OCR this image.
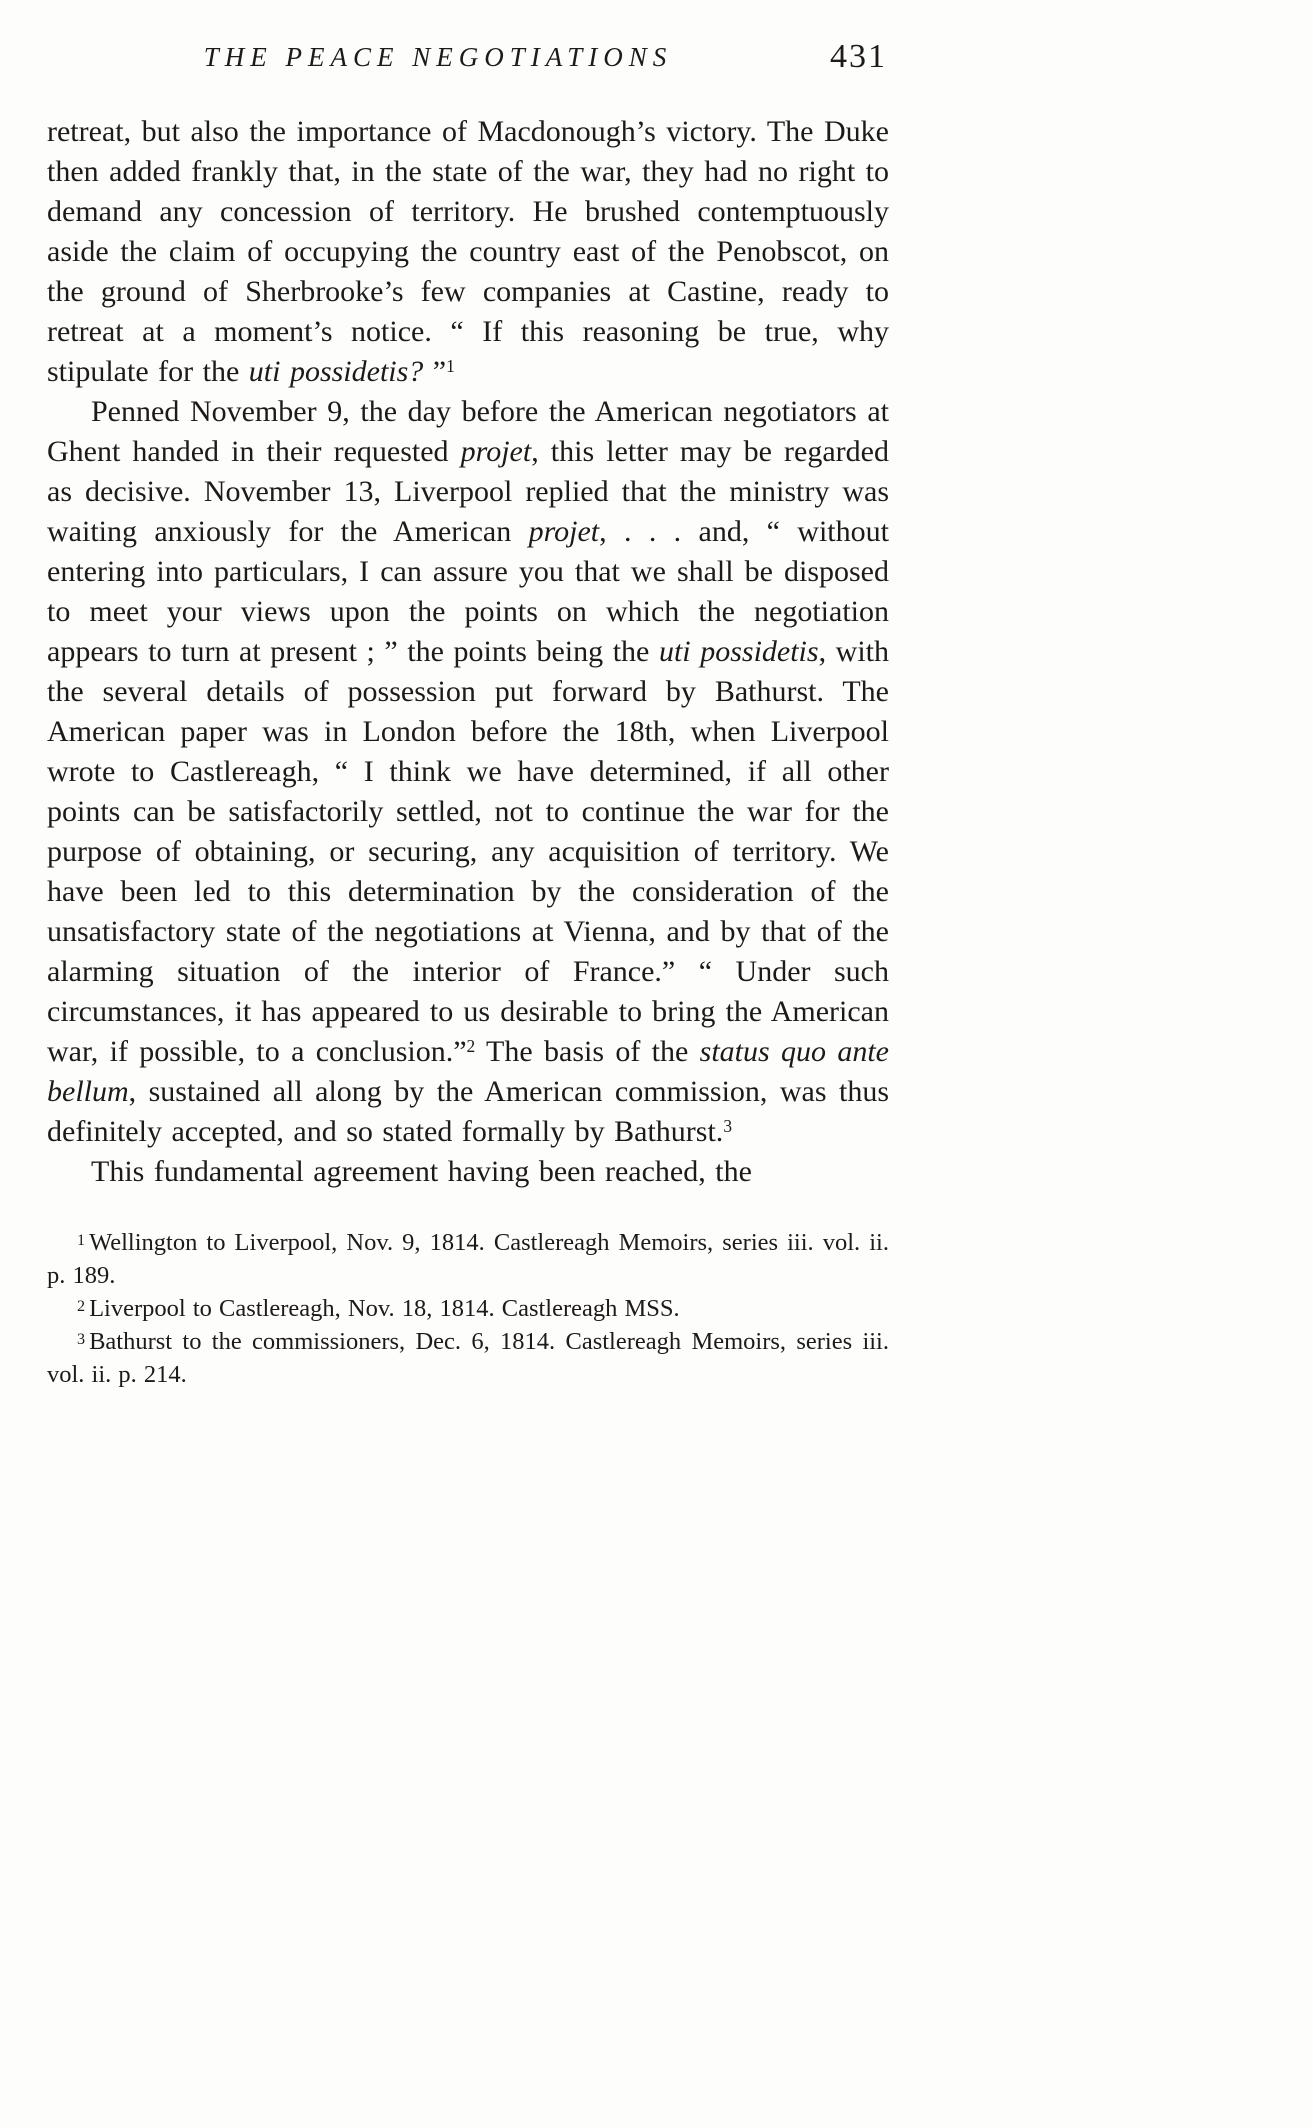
THE PEACE NEGOTIATIONS	431

retreat, but also the importance of Macdonough’s victory. The Duke then added frankly that, in the state of the war, they had no right to demand any concession of territory. He brushed contemptuously aside the claim of occupying the country east of the Penobscot, on the ground of Sherbrooke’s few companies at Castine, ready to retreat at a moment’s notice. “ If this reasoning be true, why stipulate for the uti possidetis? ”$^1$

Penned November 9, the day before the American negotiators at Ghent handed in their requested projet, this letter may be regarded as decisive. November 13, Liverpool replied that the ministry was waiting anxiously for the American projet, . . . and, “ without entering into particulars, I can assure you that we shall be disposed to meet your views upon the points on which the negotiation appears to turn at present ; ” the points being the uti possidetis, with the several details of possession put forward by Bathurst. The American paper was in London before the 18th, when Liverpool wrote to Castlereagh, “ I think we have determined, if all other points can be satisfactorily settled, not to continue the war for the purpose of obtaining, or securing, any acquisition of territory. We have been led to this determination by the consideration of the unsatisfactory state of the negotiations at Vienna, and by that of the alarming situation of the interior of France.” “ Under such circumstances, it has appeared to us desirable to bring the American war, if possible, to a conclusion.”$^2$ The basis of the status quo ante bellum, sustained all along by the American commission, was thus definitely accepted, and so stated formally by Bathurst.$^3$

This fundamental agreement having been reached, the

$^1$ Wellington to Liverpool, Nov. 9, 1814. Castlereagh Memoirs, series iii. vol. ii. p. 189.

$^2$ Liverpool to Castlereagh, Nov. 18, 1814. Castlereagh MSS.

$^3$ Bathurst to the commissioners, Dec. 6, 1814. Castlereagh Memoirs, series iii. vol. ii. p. 214.
